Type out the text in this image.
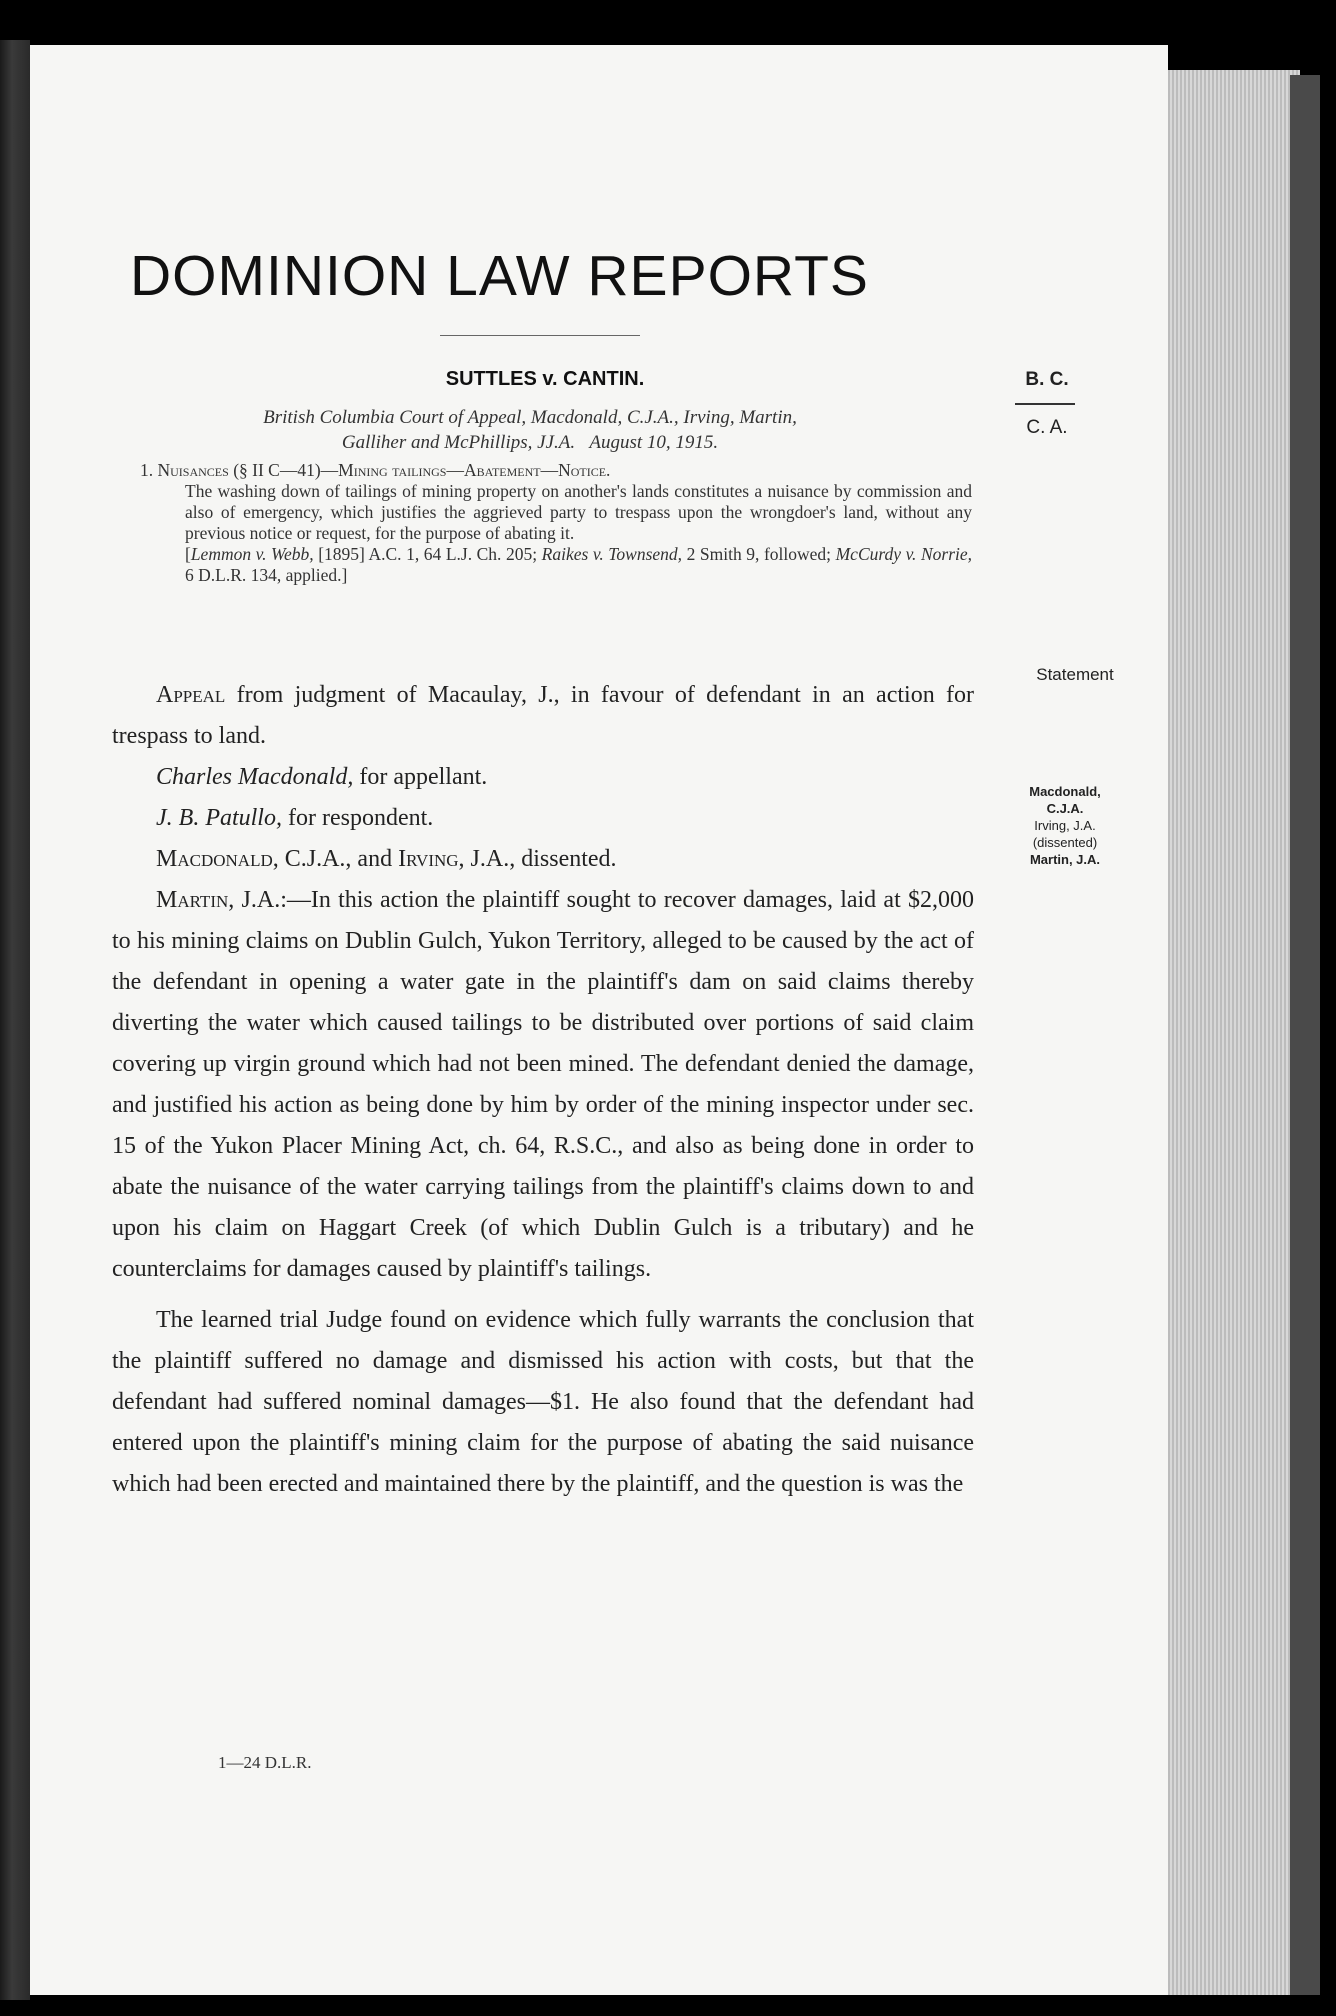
DOMINION LAW REPORTS
SUTTLES v. CANTIN.
British Columbia Court of Appeal, Macdonald, C.J.A., Irving, Martin,
Galliher and McPhillips, JJ.A. August 10, 1915.
B. C.
C. A.

1. Nuisances (§ II C—41)—Mining tailings—Abatement—Notice.

The washing down of tailings of mining property on another's lands constitutes a nuisance by commission and also of emergency, which justifies the aggrieved party to trespass upon the wrongdoer's land, without any previous notice or request, for the purpose of abating it.
[Lemmon v. Webb, [1895] A.C. 1, 64 L.J. Ch. 205; Raikes v. Townsend, 2 Smith 9, followed; McCurdy v. Norrie, 6 D.L.R. 134, applied.]

Statement
Macdonald,
C.J.A.
Irving, J.A.
(dissented)
Martin, J.A.

Appeal from judgment of Macaulay, J., in favour of defendant in an action for trespass to land.

Charles Macdonald, for appellant.

J. B. Patullo, for respondent.

Macdonald, C.J.A., and Irving, J.A., dissented.

Martin, J.A.:—In this action the plaintiff sought to recover damages, laid at $2,000 to his mining claims on Dublin Gulch, Yukon Territory, alleged to be caused by the act of the defendant in opening a water gate in the plaintiff's dam on said claims thereby diverting the water which caused tailings to be distributed over portions of said claim covering up virgin ground which had not been mined. The defendant denied the damage, and justified his action as being done by him by order of the mining inspector under sec. 15 of the Yukon Placer Mining Act, ch. 64, R.S.C., and also as being done in order to abate the nuisance of the water carrying tailings from the plaintiff's claims down to and upon his claim on Haggart Creek (of which Dublin Gulch is a tributary) and he counterclaims for damages caused by plaintiff's tailings.

The learned trial Judge found on evidence which fully warrants the conclusion that the plaintiff suffered no damage and dismissed his action with costs, but that the defendant had suffered nominal damages—$1. He also found that the defendant had entered upon the plaintiff's mining claim for the purpose of abating the said nuisance which had been erected and maintained there by the plaintiff, and the question is was the

1—24 D.L.R.
